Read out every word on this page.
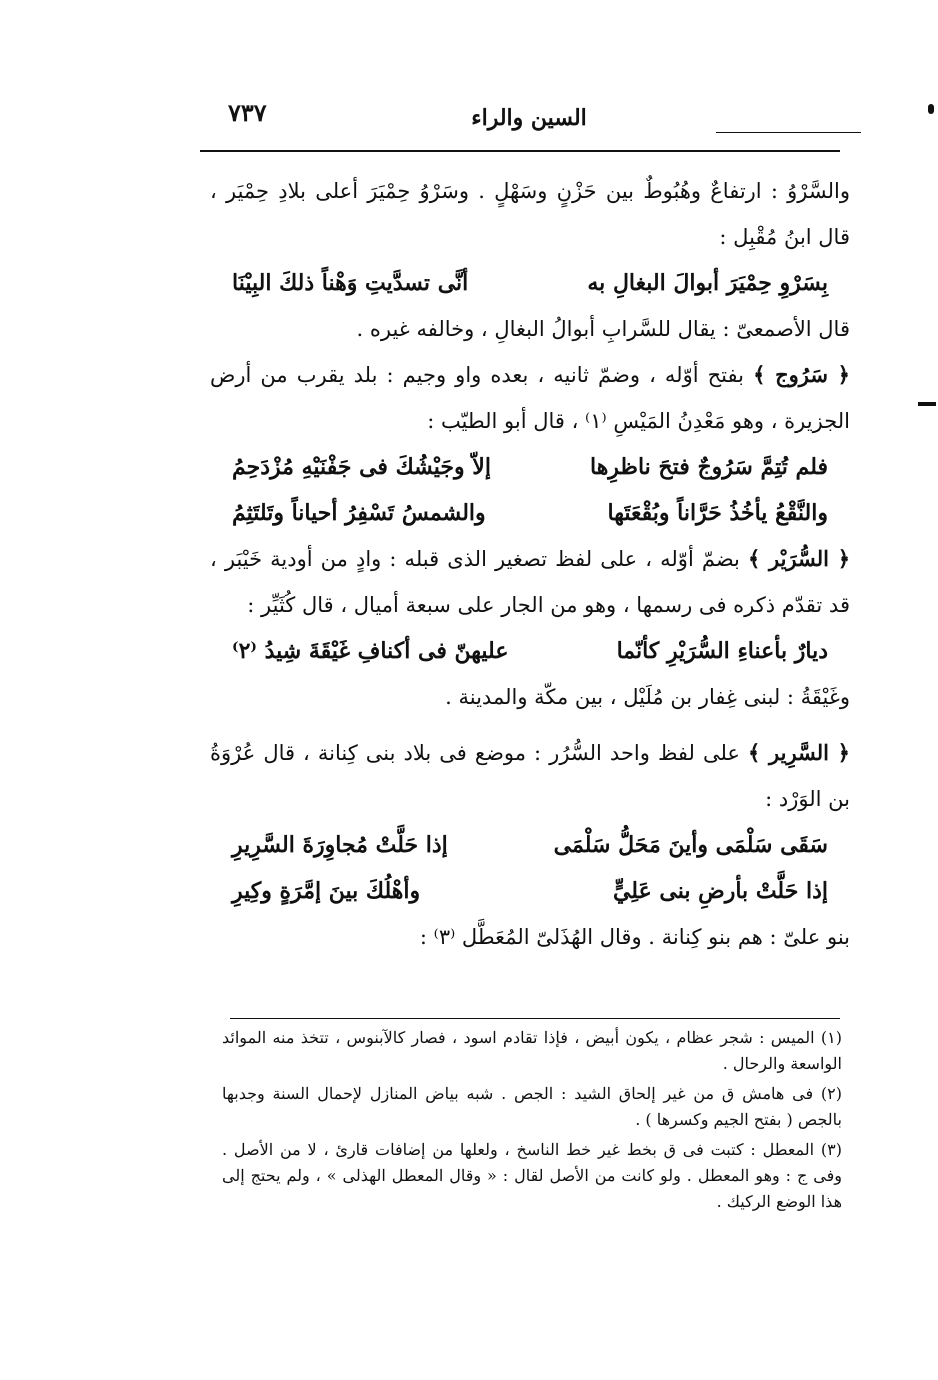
السين والراء
٧٣٧

والسَّرْوُ : ارتفاعٌ وهُبُوطٌ بين حَزْنٍ وسَهْلٍ . وسَرْوُ حِمْيَرَ أعلى بلادِ حِمْيَر ، قال ابنُ مُقْبِل :

بِسَرْوِ حِمْيَرَ أبوالَ البغالِ به
أنَّى تسدَّيتِ وَهْناً ذلكَ البِيْنَا

قال الأصمعىّ : يقال للسَّرابِ أبوالُ البغالِ ، وخالفه غيره .

﴿ سَرُوج ﴾ بفتح أوّله ، وضمّ ثانيه ، بعده واو وجيم : بلد يقرب من أرض الجزيرة ، وهو مَعْدِنُ المَيْسِ ⁽١⁾ ، قال أبو الطيّب :

فلم تُتِمَّ سَرُوجٌ فتحَ ناظرِها
إلاّ وجَيْشُكَ فى جَفْنَيْهِ مُزْدَحِمُ
والنَّقْعُ يأخُذُ حَرَّاناً وبُقْعَتَها
والشمسُ تَسْفِرُ أحياناً وتَلتَثِمُ

﴿ السُّرَيْر ﴾ بضمّ أوّله ، على لفظ تصغير الذى قبله : وادٍ من أودية خَيْبَر ، قد تقدّم ذكره فى رسمها ، وهو من الجار على سبعة أميال ، قال كُثَيِّر :

ديارٌ بأعناءِ السُّرَيْرِ كأنّما
عليهنّ فى أكنافِ غَيْقَةَ شِيدُ ⁽٢⁾

وغَيْقَةُ : لبنى غِفار بن مُلَيْل ، بين مكّة والمدينة .

﴿ السَّرِير ﴾ على لفظ واحد السُّرُر : موضع فى بلاد بنى كِنانة ، قال عُرْوَةُ بن الوَرْد :

سَقَى سَلْمَى وأينَ مَحَلُّ سَلْمَى
إذا حَلَّتْ مُجاوِرَةَ السَّرِيرِ
إذا حَلَّتْ بأرضِ بنى عَلِيٍّ
وأهْلُكَ بينَ إمَّرَةٍ وكِيرِ

بنو علىّ : هم بنو كِنانة . وقال الهُذَلىّ المُعَطَّل ⁽٣⁾ :

(١) الميس : شجر عظام ، يكون أبيض ، فإذا تقادم اسود ، فصار كالآبنوس ، تتخذ منه الموائد الواسعة والرحال .

(٢) فى هامش ق من غير إلحاق الشيد : الجص . شبه بياض المنازل لإحمال السنة وجدبها بالجص ( بفتح الجيم وكسرها ) .

(٣) المعطل : كتبت فى ق بخط غير خط الناسخ ، ولعلها من إضافات قارئ ، لا من الأصل . وفى ج : وهو المعطل . ولو كانت من الأصل لقال : « وقال المعطل الهذلى » ، ولم يحتج إلى هذا الوضع الركيك .
